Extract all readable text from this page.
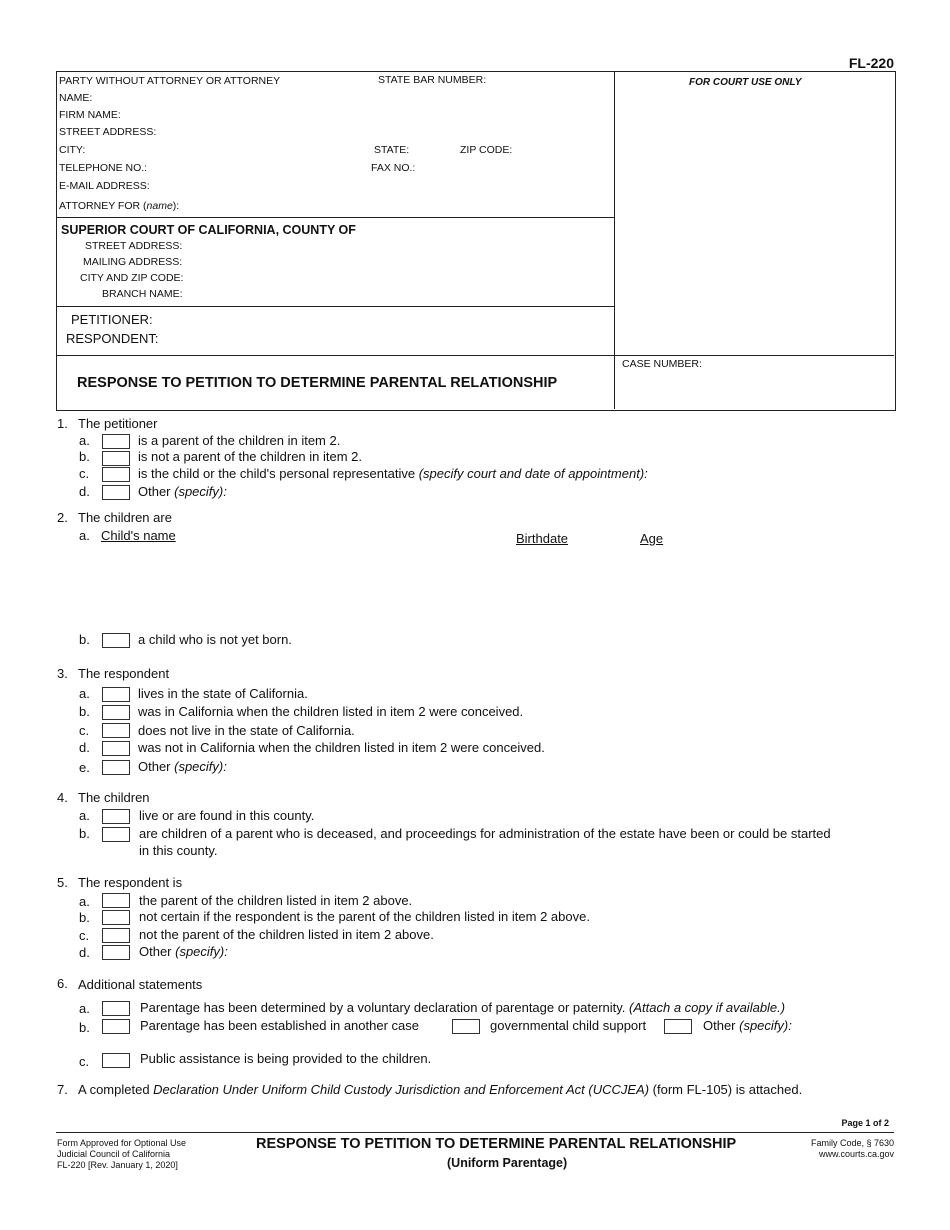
FL-220
PARTY WITHOUT ATTORNEY OR ATTORNEY	STATE BAR NUMBER:
NAME:
FIRM NAME:
STREET ADDRESS:
CITY:	STATE:	ZIP CODE:
TELEPHONE NO.:	FAX NO.:
E-MAIL ADDRESS:
ATTORNEY FOR (name):
FOR COURT USE ONLY
SUPERIOR COURT OF CALIFORNIA, COUNTY OF
STREET ADDRESS:
MAILING ADDRESS:
CITY AND ZIP CODE:
BRANCH NAME:
PETITIONER:
RESPONDENT:
RESPONSE TO PETITION TO DETERMINE PARENTAL RELATIONSHIP
CASE NUMBER:
1. The petitioner
a.	is a parent of the children in item 2.
b.	is not a parent of the children in item 2.
c.	is the child or the child's personal representative (specify court and date of appointment):
d.	Other (specify):
2. The children are
a. Child's name	Birthdate	Age
b.	a child who is not yet born.
3. The respondent
a.	lives in the state of California.
b.	was in California when the children listed in item 2 were conceived.
c.	does not live in the state of California.
d.	was not in California when the children listed in item 2 were conceived.
e.	Other (specify):
4. The children
a.	live or are found in this county.
b.	are children of a parent who is deceased, and proceedings for administration of the estate have been or could be started
in this county.
5. The respondent is
a.	the parent of the children listed in item 2 above.
b.	not certain if the respondent is the parent of the children listed in item 2 above.
c.	not the parent of the children listed in item 2 above.
d.	Other (specify):
6. Additional statements
a.	Parentage has been determined by a voluntary declaration of parentage or paternity. (Attach a copy if available.)
b.	Parentage has been established in another case	governmental child support	Other (specify):
c.	Public assistance is being provided to the children.
7. A completed Declaration Under Uniform Child Custody Jurisdiction and Enforcement Act (UCCJEA) (form FL-105) is attached.
Page 1 of 2
Form Approved for Optional Use
Judicial Council of California
FL-220 [Rev. January 1, 2020]
RESPONSE TO PETITION TO DETERMINE PARENTAL RELATIONSHIP
(Uniform Parentage)
Family Code, § 7630
www.courts.ca.gov
